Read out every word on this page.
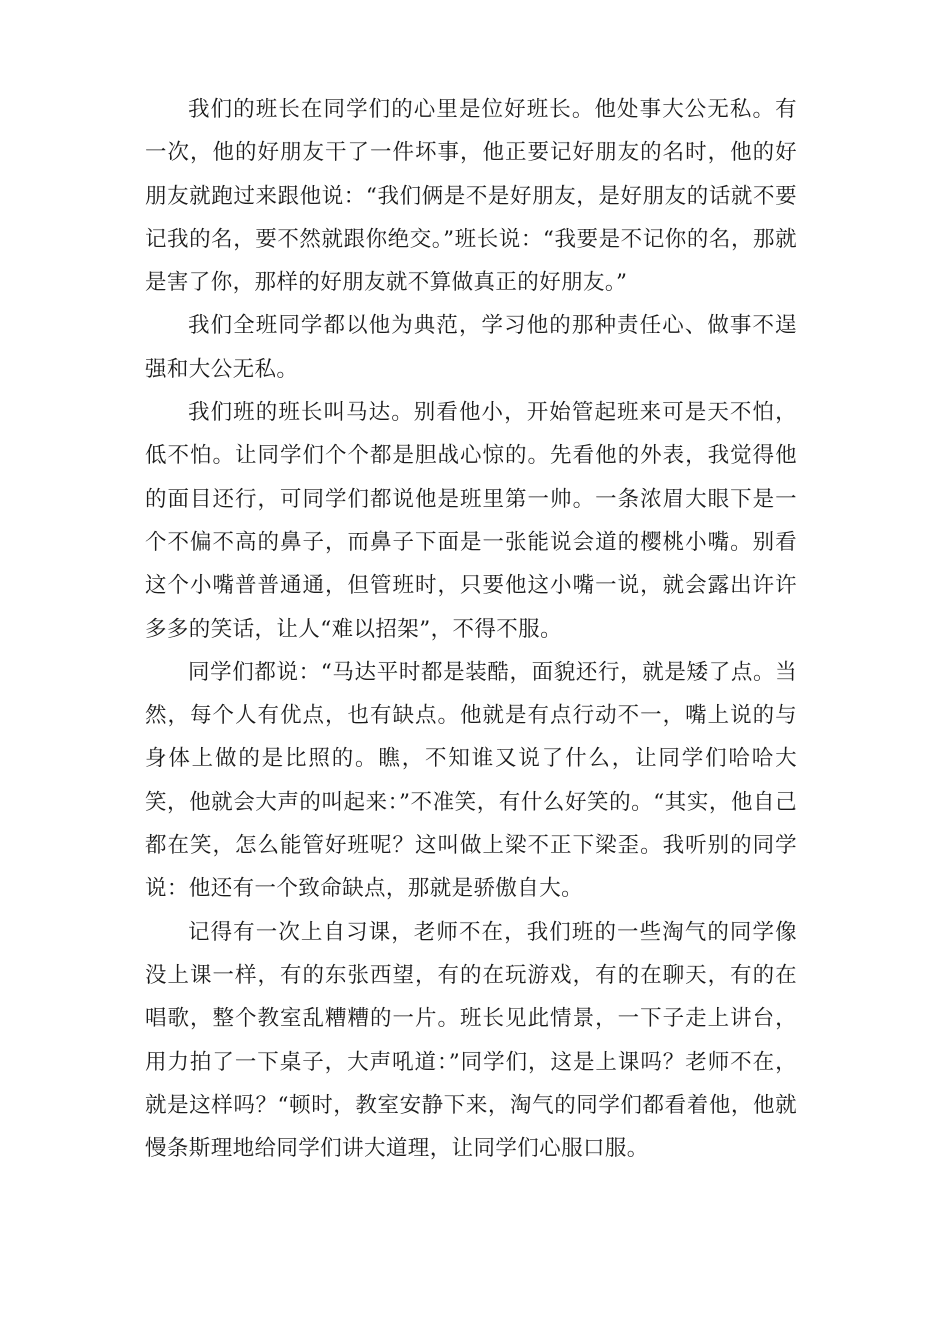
我们的班长在同学们的心里是位好班长。他处事大公无私。有一次，他的好朋友干了一件坏事，他正要记好朋友的名时，他的好朋友就跑过来跟他说：“我们俩是不是好朋友，是好朋友的话就不要记我的名，要不然就跟你绝交。”班长说：“我要是不记你的名，那就是害了你，那样的好朋友就不算做真正的好朋友。”

我们全班同学都以他为典范，学习他的那种责任心、做事不逞强和大公无私。

我们班的班长叫马达。别看他小，开始管起班来可是天不怕，低不怕。让同学们个个都是胆战心惊的。先看他的外表，我觉得他的面目还行，可同学们都说他是班里第一帅。一条浓眉大眼下是一个不偏不高的鼻子，而鼻子下面是一张能说会道的樱桃小嘴。别看这个小嘴普普通通，但管班时，只要他这小嘴一说，就会露出许许多多的笑话，让人“难以招架”，不得不服。

同学们都说：“马达平时都是装酷，面貌还行，就是矮了点。当然，每个人有优点，也有缺点。他就是有点行动不一，嘴上说的与身体上做的是比照的。瞧，不知谁又说了什么，让同学们哈哈大笑，他就会大声的叫起来：”不准笑，有什么好笑的。“其实，他自己都在笑，怎么能管好班呢？这叫做上梁不正下梁歪。我听别的同学说：他还有一个致命缺点，那就是骄傲自大。

记得有一次上自习课，老师不在，我们班的一些淘气的同学像没上课一样，有的东张西望，有的在玩游戏，有的在聊天，有的在唱歌，整个教室乱糟糟的一片。班长见此情景，一下子走上讲台，用力拍了一下桌子，大声吼道：”同学们，这是上课吗？老师不在，就是这样吗？“顿时，教室安静下来，淘气的同学们都看着他，他就慢条斯理地给同学们讲大道理，让同学们心服口服。
